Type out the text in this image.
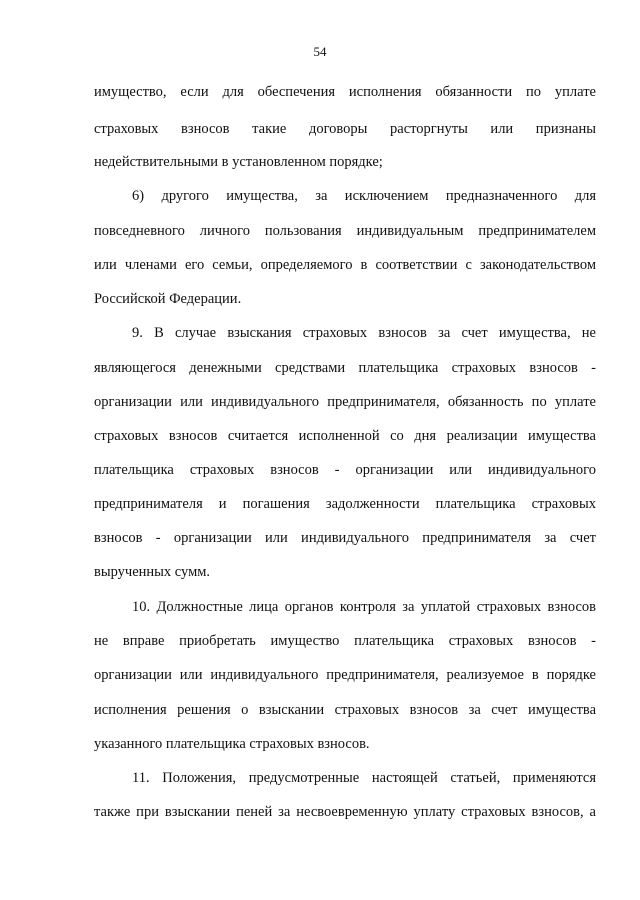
54
имущество, если для обеспечения исполнения обязанности по уплате
страховых взносов такие договоры расторгнуты или признаны
недействительными в установленном порядке;
6) другого имущества, за исключением предназначенного для
повседневного личного пользования индивидуальным предпринимателем
или членами его семьи, определяемого в соответствии с законодательством
Российской Федерации.
9. В случае взыскания страховых взносов за счет имущества, не
являющегося денежными средствами плательщика страховых взносов -
организации или индивидуального предпринимателя, обязанность по уплате
страховых взносов считается исполненной со дня реализации имущества
плательщика страховых взносов - организации или индивидуального
предпринимателя и погашения задолженности плательщика страховых
взносов - организации или индивидуального предпринимателя за счет
вырученных сумм.
10. Должностные лица органов контроля за уплатой страховых взносов
не вправе приобретать имущество плательщика страховых взносов -
организации или индивидуального предпринимателя, реализуемое в порядке
исполнения решения о взыскании страховых взносов за счет имущества
указанного плательщика страховых взносов.
11. Положения, предусмотренные настоящей статьей, применяются
также при взыскании пеней за несвоевременную уплату страховых взносов, а
